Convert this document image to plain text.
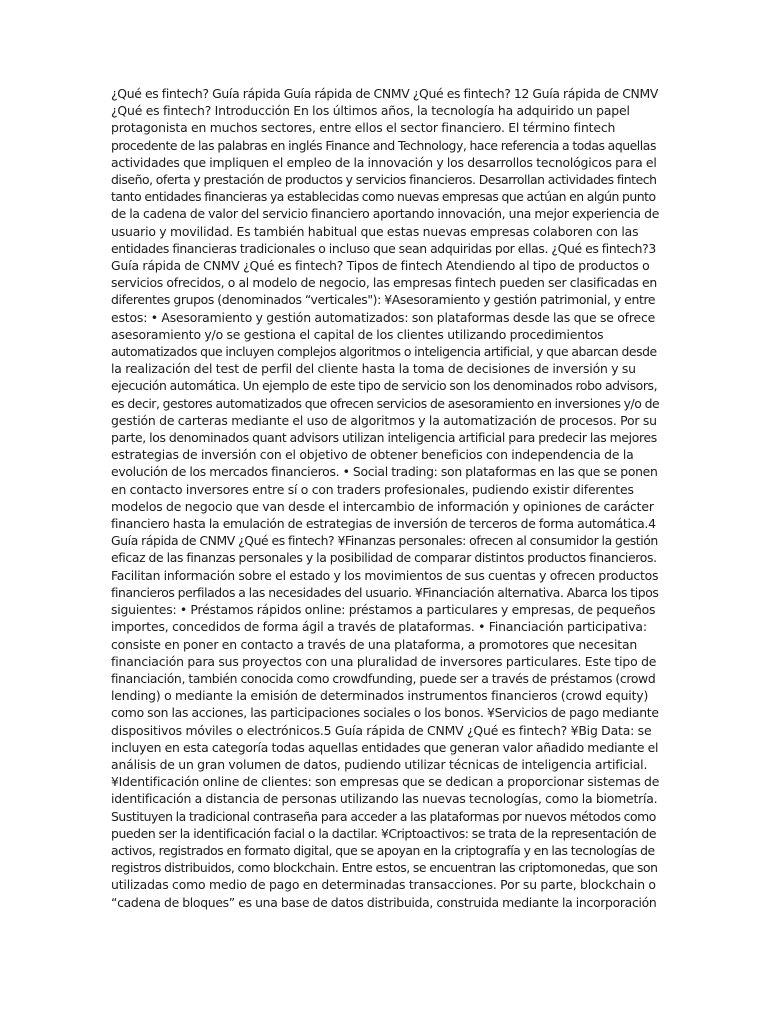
¿Qué es fintech? Guía rápida Guía rápida de CNMV ¿Qué es fintech? 12 Guía rápida de CNMV
¿Qué es fintech? Introducción En los últimos años, la tecnología ha adquirido un papel
protagonista en muchos sectores, entre ellos el sector financiero. El término fintech
procedente de las palabras en inglés Finance and Technology, hace referencia a todas aquellas
actividades que impliquen el empleo de la innovación y los desarrollos tecnológicos para el
diseño, oferta y prestación de productos y servicios financieros. Desarrollan actividades fintech
tanto entidades financieras ya establecidas como nuevas empresas que actúan en algún punto
de la cadena de valor del servicio financiero aportando innovación, una mejor experiencia de
usuario y movilidad. Es también habitual que estas nuevas empresas colaboren con las
entidades financieras tradicionales o incluso que sean adquiridas por ellas. ¿Qué es fintech?3
Guía rápida de CNMV ¿Qué es fintech? Tipos de fintech Atendiendo al tipo de productos o
servicios ofrecidos, o al modelo de negocio, las empresas fintech pueden ser clasificadas en
diferentes grupos (denominados “verticales"): ¥Asesoramiento y gestión patrimonial, y entre
estos: • Asesoramiento y gestión automatizados: son plataformas desde las que se ofrece
asesoramiento y/o se gestiona el capital de los clientes utilizando procedimientos
automatizados que incluyen complejos algoritmos o inteligencia artificial, y que abarcan desde
la realización del test de perfil del cliente hasta la toma de decisiones de inversión y su
ejecución automática. Un ejemplo de este tipo de servicio son los denominados robo advisors,
es decir, gestores automatizados que ofrecen servicios de asesoramiento en inversiones y/o de
gestión de carteras mediante el uso de algoritmos y la automatización de procesos. Por su
parte, los denominados quant advisors utilizan inteligencia artificial para predecir las mejores
estrategias de inversión con el objetivo de obtener beneficios con independencia de la
evolución de los mercados financieros. • Social trading: son plataformas en las que se ponen
en contacto inversores entre sí o con traders profesionales, pudiendo existir diferentes
modelos de negocio que van desde el intercambio de información y opiniones de carácter
financiero hasta la emulación de estrategias de inversión de terceros de forma automática.4
Guía rápida de CNMV ¿Qué es fintech? ¥Finanzas personales: ofrecen al consumidor la gestión
eficaz de las finanzas personales y la posibilidad de comparar distintos productos financieros.
Facilitan información sobre el estado y los movimientos de sus cuentas y ofrecen productos
financieros perfilados a las necesidades del usuario. ¥Financiación alternativa. Abarca los tipos
siguientes: • Préstamos rápidos online: préstamos a particulares y empresas, de pequeños
importes, concedidos de forma ágil a través de plataformas. • Financiación participativa:
consiste en poner en contacto a través de una plataforma, a promotores que necesitan
financiación para sus proyectos con una pluralidad de inversores particulares. Este tipo de
financiación, también conocida como crowdfunding, puede ser a través de préstamos (crowd
lending) o mediante la emisión de determinados instrumentos financieros (crowd equity)
como son las acciones, las participaciones sociales o los bonos. ¥Servicios de pago mediante
dispositivos móviles o electrónicos.5 Guía rápida de CNMV ¿Qué es fintech? ¥Big Data: se
incluyen en esta categoría todas aquellas entidades que generan valor añadido mediante el
análisis de un gran volumen de datos, pudiendo utilizar técnicas de inteligencia artificial.
¥Identificación online de clientes: son empresas que se dedican a proporcionar sistemas de
identificación a distancia de personas utilizando las nuevas tecnologías, como la biometría.
Sustituyen la tradicional contraseña para acceder a las plataformas por nuevos métodos como
pueden ser la identificación facial o la dactilar. ¥Criptoactivos: se trata de la representación de
activos, registrados en formato digital, que se apoyan en la criptografía y en las tecnologías de
registros distribuidos, como blockchain. Entre estos, se encuentran las criptomonedas, que son
utilizadas como medio de pago en determinadas transacciones. Por su parte, blockchain o
“cadena de bloques” es una base de datos distribuida, construida mediante la incorporación
